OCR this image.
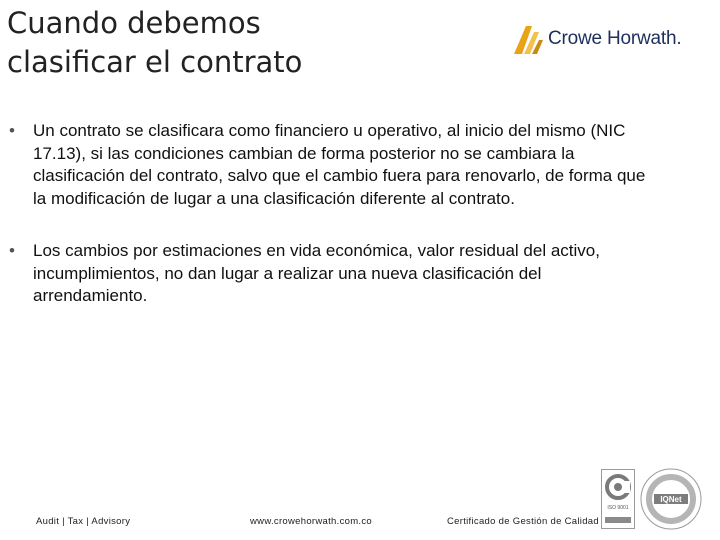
Cuando debemos
clasificar el contrato
Crowe Horwath.
• Un contrato se clasificara como financiero u operativo, al inicio del mismo (NIC 17.13), si las condiciones cambian de forma posterior no se cambiara la clasificación del contrato, salvo que el cambio fuera para renovarlo, de forma que la modificación de lugar a una clasificación diferente al contrato.
• Los cambios por estimaciones en vida económica, valor residual del activo, incumplimientos, no dan lugar a realizar una nueva clasificación del arrendamiento.
Audit | Tax | Advisory	www.crowehorwath.com.co	Certificado de Gestión de Calidad
ISO 9001
IQNet
